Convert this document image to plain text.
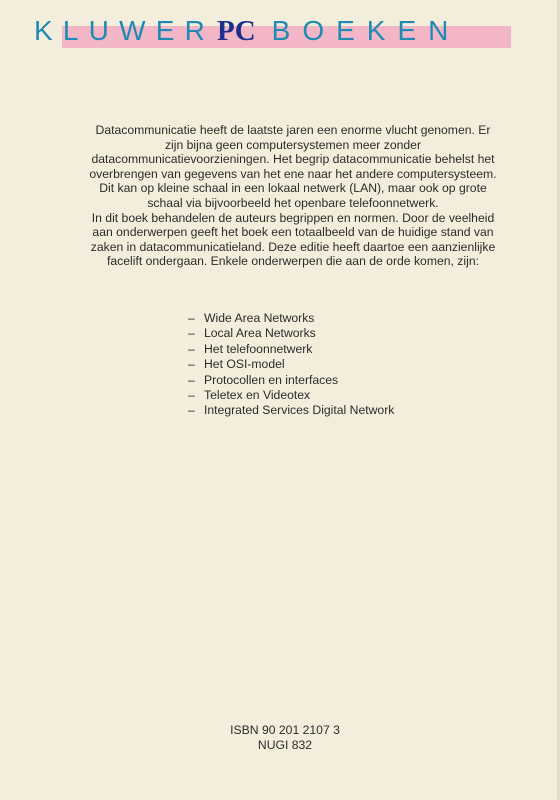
KLUWERPC BOEKEN

Datacommunicatie heeft de laatste jaren een enorme vlucht genomen. Er zijn bijna geen computersystemen meer zonder datacommunicatievoorzieningen. Het begrip datacommunicatie behelst het overbrengen van gegevens van het ene naar het andere computersysteem. Dit kan op kleine schaal in een lokaal netwerk (LAN), maar ook op grote schaal via bijvoorbeeld het openbare telefoonnetwerk.

In dit boek behandelen de auteurs begrippen en normen. Door de veelheid aan onderwerpen geeft het boek een totaalbeeld van de huidige stand van zaken in datacommunicatieland. Deze editie heeft daartoe een aanzienlijke facelift ondergaan. Enkele onderwerpen die aan de orde komen, zijn:

– Wide Area Networks
– Local Area Networks
– Het telefoonnetwerk
– Het OSI-model
– Protocollen en interfaces
– Teletex en Videotex
– Integrated Services Digital Network
ISBN 90 201 2107 3
NUGI 832
